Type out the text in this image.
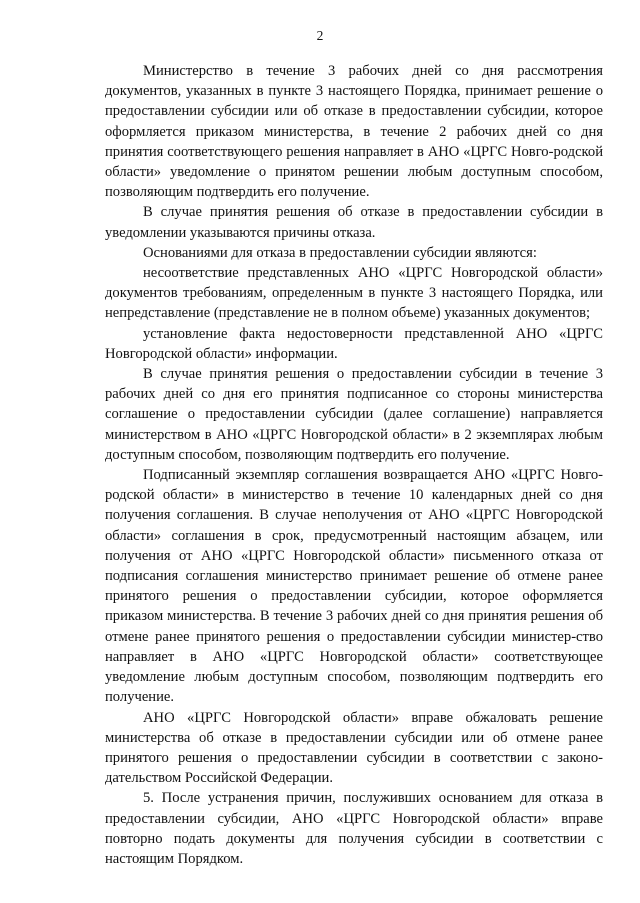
2

Министерство в течение 3 рабочих дней со дня рассмотрения документов, указанных в пункте 3 настоящего Порядка, принимает решение о предоставлении субсидии или об отказе в предоставлении субсидии, которое оформляется приказом министерства, в течение 2 рабочих дней со дня принятия соответствующего решения направляет в АНО «ЦРГС Новго-родской области» уведомление о принятом решении любым доступным способом, позволяющим подтвердить его получение.

В случае принятия решения об отказе в предоставлении субсидии в уведомлении указываются причины отказа.

Основаниями для отказа в предоставлении субсидии являются:

несоответствие представленных АНО «ЦРГС Новгородской области» документов требованиям, определенным в пункте 3 настоящего Порядка, или непредставление (представление не в полном объеме) указанных документов;

установление факта недостоверности представленной АНО «ЦРГС Новгородской области» информации.

В случае принятия решения о предоставлении субсидии в течение 3 рабочих дней со дня его принятия подписанное со стороны министерства соглашение о предоставлении субсидии (далее соглашение) направляется министерством в АНО «ЦРГС Новгородской области» в 2 экземплярах любым доступным способом, позволяющим подтвердить его получение.

Подписанный экземпляр соглашения возвращается АНО «ЦРГС Новго-родской области» в министерство в течение 10 календарных дней со дня получения соглашения. В случае неполучения от АНО «ЦРГС Новгородской области» соглашения в срок, предусмотренный настоящим абзацем, или получения от АНО «ЦРГС Новгородской области» письменного отказа от подписания соглашения министерство принимает решение об отмене ранее принятого решения о предоставлении субсидии, которое оформляется приказом министерства. В течение 3 рабочих дней со дня принятия решения об отмене ранее принятого решения о предоставлении субсидии министер-ство направляет в АНО «ЦРГС Новгородской области» соответствующее уведомление любым доступным способом, позволяющим подтвердить его получение.

АНО «ЦРГС Новгородской области» вправе обжаловать решение министерства об отказе в предоставлении субсидии или об отмене ранее принятого решения о предоставлении субсидии в соответствии с законо-дательством Российской Федерации.

5. После устранения причин, послуживших основанием для отказа в предоставлении субсидии, АНО «ЦРГС Новгородской области» вправе повторно подать документы для получения субсидии в соответствии с настоящим Порядком.
